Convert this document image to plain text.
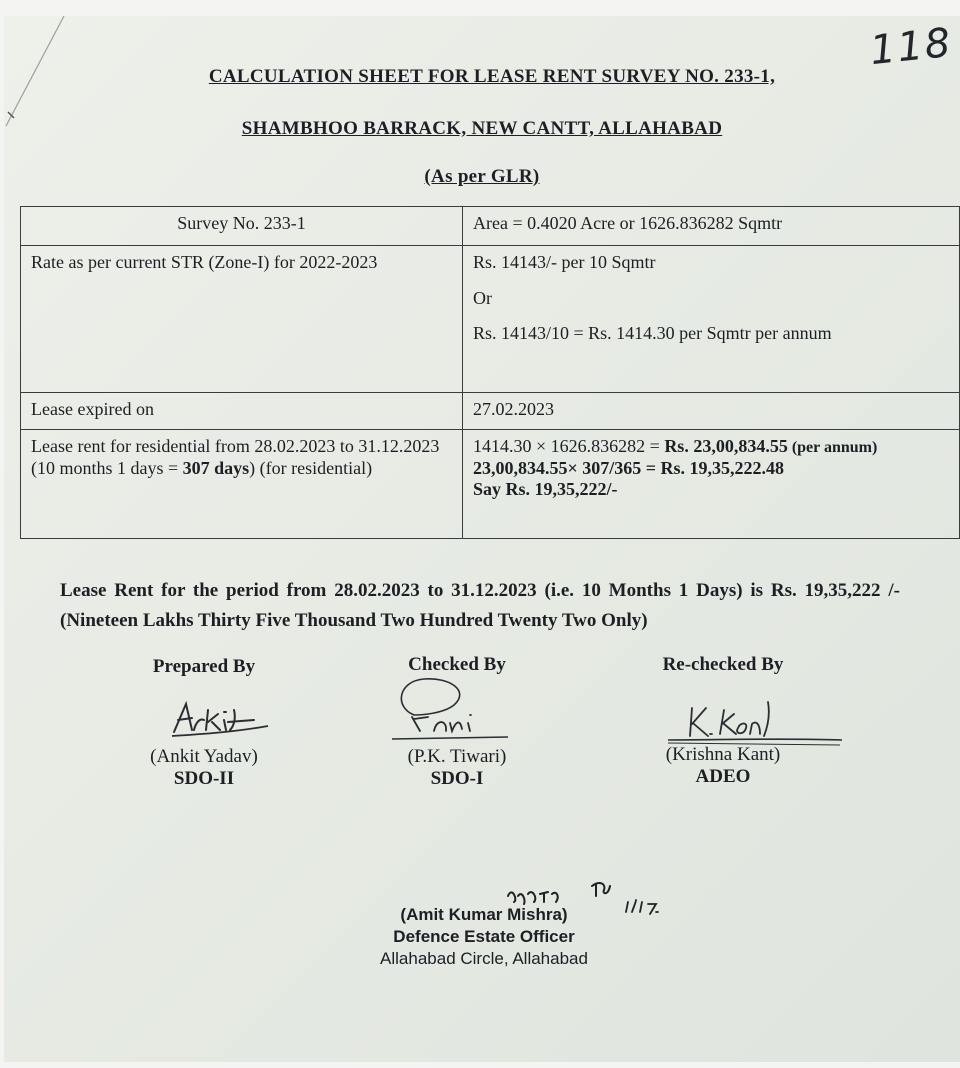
118
CALCULATION SHEET FOR LEASE RENT SURVEY NO. 233-1,
SHAMBHOO BARRACK, NEW CANTT, ALLAHABAD
(As per GLR)
Survey No. 233-1	Area = 0.4020 Acre or 1626.836282 Sqmtr
Rate as per current STR (Zone-I) for 2022-2023	Rs. 14143/- per 10 Sqmtr
Or
Rs. 14143/10 = Rs. 1414.30 per Sqmtr per annum

Lease expired on	27.02.2023
Lease rent for residential from 28.02.2023 to 31.12.2023 (10 months 1 days = 307 days) (for residential)	1414.30 × 1626.836282 = Rs. 23,00,834.55 (per annum)
23,00,834.55× 307/365 = Rs. 19,35,222.48
Say Rs. 19,35,222/-
Lease Rent for the period from 28.02.2023 to 31.12.2023 (i.e. 10 Months 1 Days) is Rs. 19,35,222 /-(Nineteen Lakhs Thirty Five Thousand Two Hundred Twenty Two Only)
Prepared By
(Ankit Yadav)
SDO-II
Checked By
(P.K. Tiwari)
SDO-I
Re-checked By
(Krishna Kant)
ADEO
(Amit Kumar Mishra)
Defence Estate Officer
Allahabad Circle, Allahabad
